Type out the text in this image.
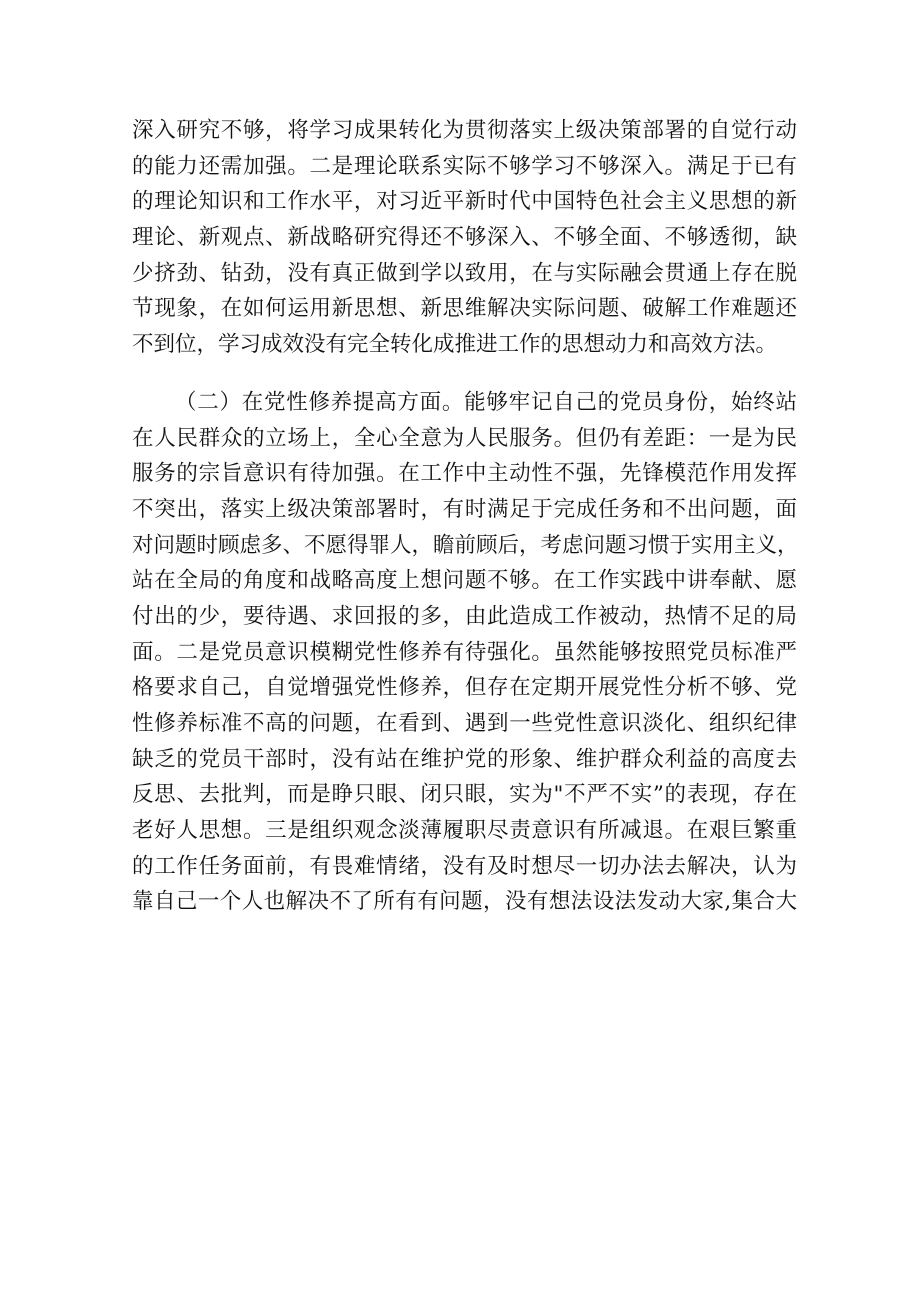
深入研究不够，将学习成果转化为贯彻落实上级决策部署的自觉行动
的能力还需加强。二是理论联系实际不够学习不够深入。满足于已有
的理论知识和工作水平，对习近平新时代中国特色社会主义思想的新
理论、新观点、新战略研究得还不够深入、不够全面、不够透彻，缺
少挤劲、钻劲，没有真正做到学以致用，在与实际融会贯通上存在脱
节现象，在如何运用新思想、新思维解决实际问题、破解工作难题还
不到位，学习成效没有完全转化成推进工作的思想动力和高效方法。
（二）在党性修养提高方面。能够牢记自己的党员身份，始终站
在人民群众的立场上，全心全意为人民服务。但仍有差距：一是为民
服务的宗旨意识有待加强。在工作中主动性不强，先锋模范作用发挥
不突出，落实上级决策部署时，有时满足于完成任务和不出问题，面
对问题时顾虑多、不愿得罪人，瞻前顾后，考虑问题习惯于实用主义，
站在全局的角度和战略高度上想问题不够。在工作实践中讲奉献、愿
付出的少，要待遇、求回报的多，由此造成工作被动，热情不足的局
面。二是党员意识模糊党性修养有待强化。虽然能够按照党员标准严
格要求自己，自觉增强党性修养，但存在定期开展党性分析不够、党
性修养标准不高的问题，在看到、遇到一些党性意识淡化、组织纪律
缺乏的党员干部时，没有站在维护党的形象、维护群众利益的高度去
反思、去批判，而是睁只眼、闭只眼，实为"不严不实”的表现，存在
老好人思想。三是组织观念淡薄履职尽责意识有所减退。在艰巨繁重
的工作任务面前，有畏难情绪，没有及时想尽一切办法去解决，认为
靠自己一个人也解决不了所有有问题，没有想法设法发动大家,集合大
